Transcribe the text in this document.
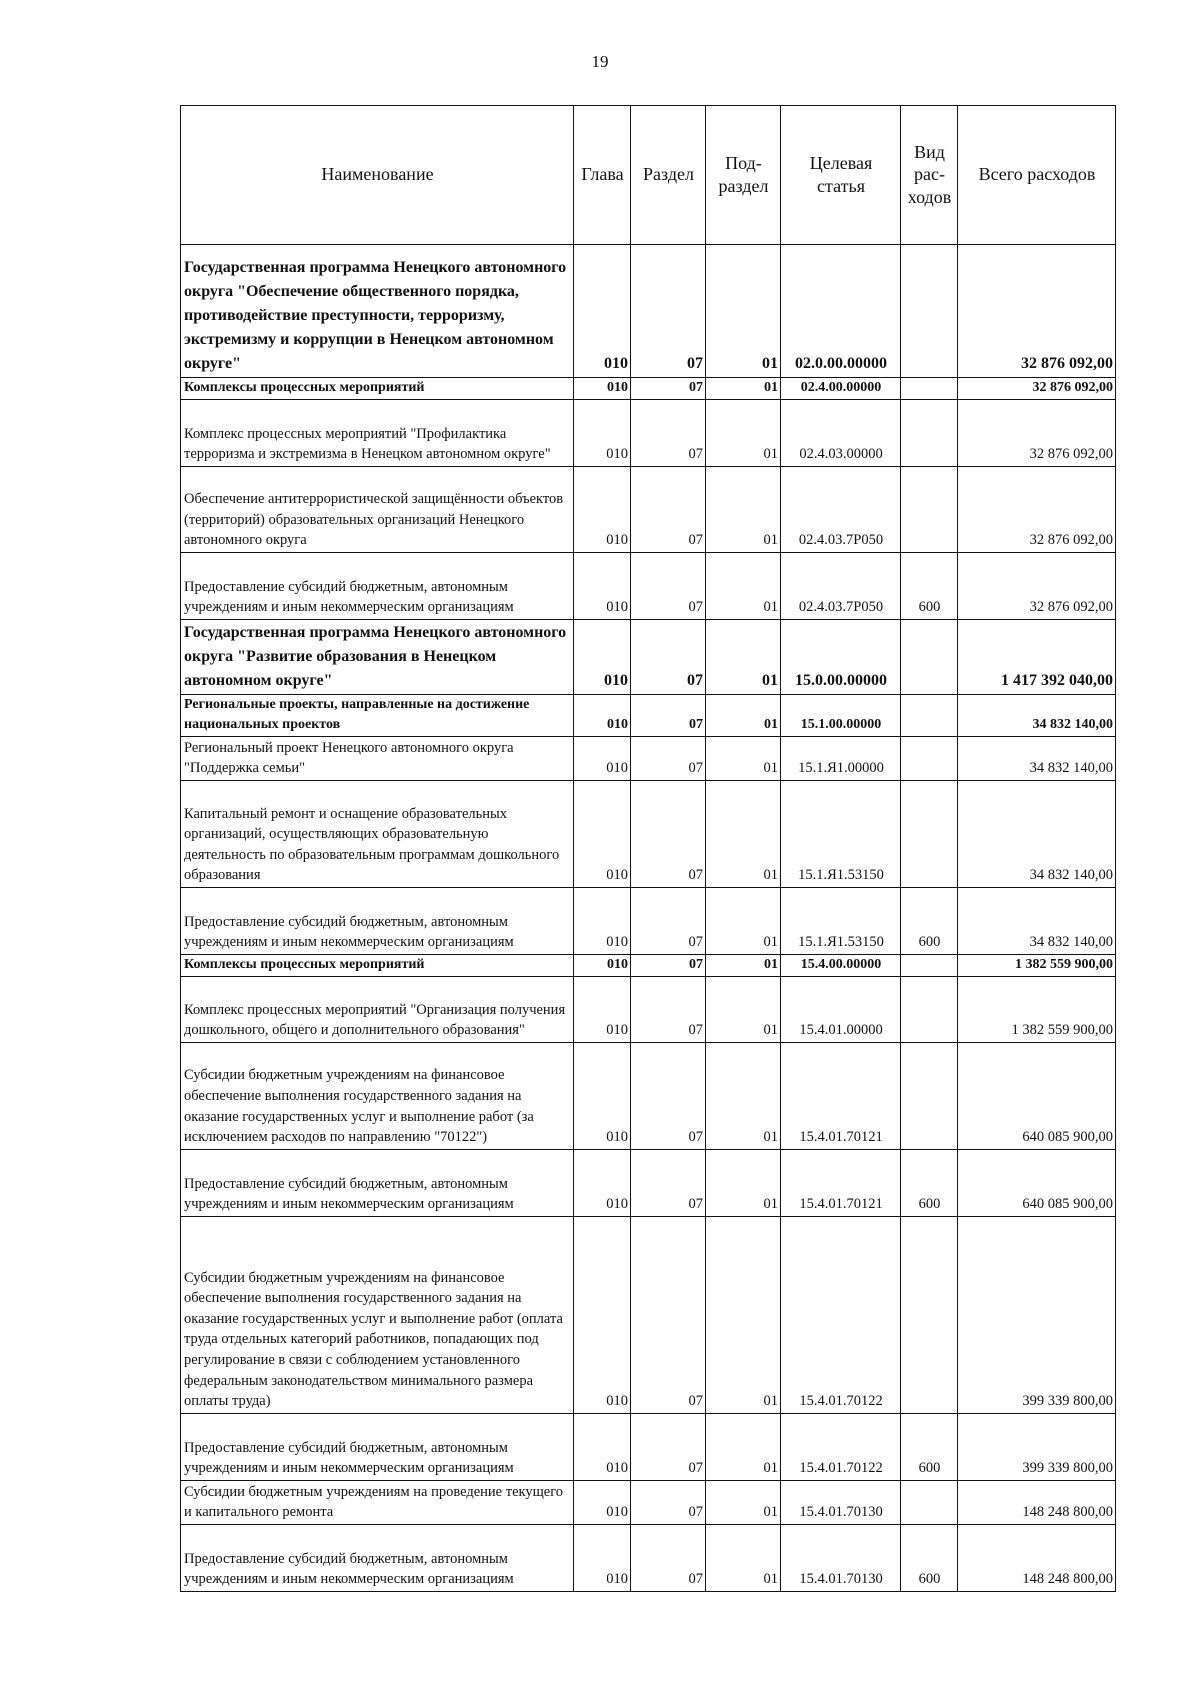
19
Наименование	Глава	Раздел	Под-раздел	Целевая статья	Вид рас-ходов	Всего расходов
Государственная программа Ненецкого автономного округа "Обеспечение общественного порядка, противодействие преступности, терроризму, экстремизму и коррупции в Ненецком автономном округе"	010	07	01	02.0.00.00000		32 876 092,00
Комплексы процессных мероприятий	010	07	01	02.4.00.00000		32 876 092,00
Комплекс процессных мероприятий "Профилактика терроризма и экстремизма в Ненецком автономном округе"	010	07	01	02.4.03.00000		32 876 092,00
Обеспечение антитеррористической защищённости объектов (территорий) образовательных организаций Ненецкого автономного округа	010	07	01	02.4.03.7Р050		32 876 092,00
Предоставление субсидий бюджетным, автономным учреждениям и иным некоммерческим организациям	010	07	01	02.4.03.7Р050	600	32 876 092,00
Государственная программа Ненецкого автономного округа "Развитие образования в Ненецком автономном округе"	010	07	01	15.0.00.00000		1 417 392 040,00
Региональные проекты, направленные на достижение национальных проектов	010	07	01	15.1.00.00000		34 832 140,00
Региональный проект Ненецкого автономного округа "Поддержка семьи"	010	07	01	15.1.Я1.00000		34 832 140,00
Капитальный ремонт и оснащение образовательных организаций, осуществляющих образовательную деятельность по образовательным программам дошкольного образования	010	07	01	15.1.Я1.53150		34 832 140,00
Предоставление субсидий бюджетным, автономным учреждениям и иным некоммерческим организациям	010	07	01	15.1.Я1.53150	600	34 832 140,00
Комплексы процессных мероприятий	010	07	01	15.4.00.00000		1 382 559 900,00
Комплекс процессных мероприятий "Организация получения дошкольного, общего и дополнительного образования"	010	07	01	15.4.01.00000		1 382 559 900,00
Субсидии бюджетным учреждениям на финансовое обеспечение выполнения государственного задания на оказание государственных услуг и выполнение работ (за исключением расходов по направлению "70122")	010	07	01	15.4.01.70121		640 085 900,00
Предоставление субсидий бюджетным, автономным учреждениям и иным некоммерческим организациям	010	07	01	15.4.01.70121	600	640 085 900,00
Субсидии бюджетным учреждениям на финансовое обеспечение выполнения государственного задания на оказание государственных услуг и выполнение работ (оплата труда отдельных категорий работников, попадающих под регулирование в связи с соблюдением установленного федеральным законодательством минимального размера оплаты труда)	010	07	01	15.4.01.70122		399 339 800,00
Предоставление субсидий бюджетным, автономным учреждениям и иным некоммерческим организациям	010	07	01	15.4.01.70122	600	399 339 800,00
Субсидии бюджетным учреждениям на проведение текущего и капитального ремонта	010	07	01	15.4.01.70130		148 248 800,00
Предоставление субсидий бюджетным, автономным учреждениям и иным некоммерческим организациям	010	07	01	15.4.01.70130	600	148 248 800,00
